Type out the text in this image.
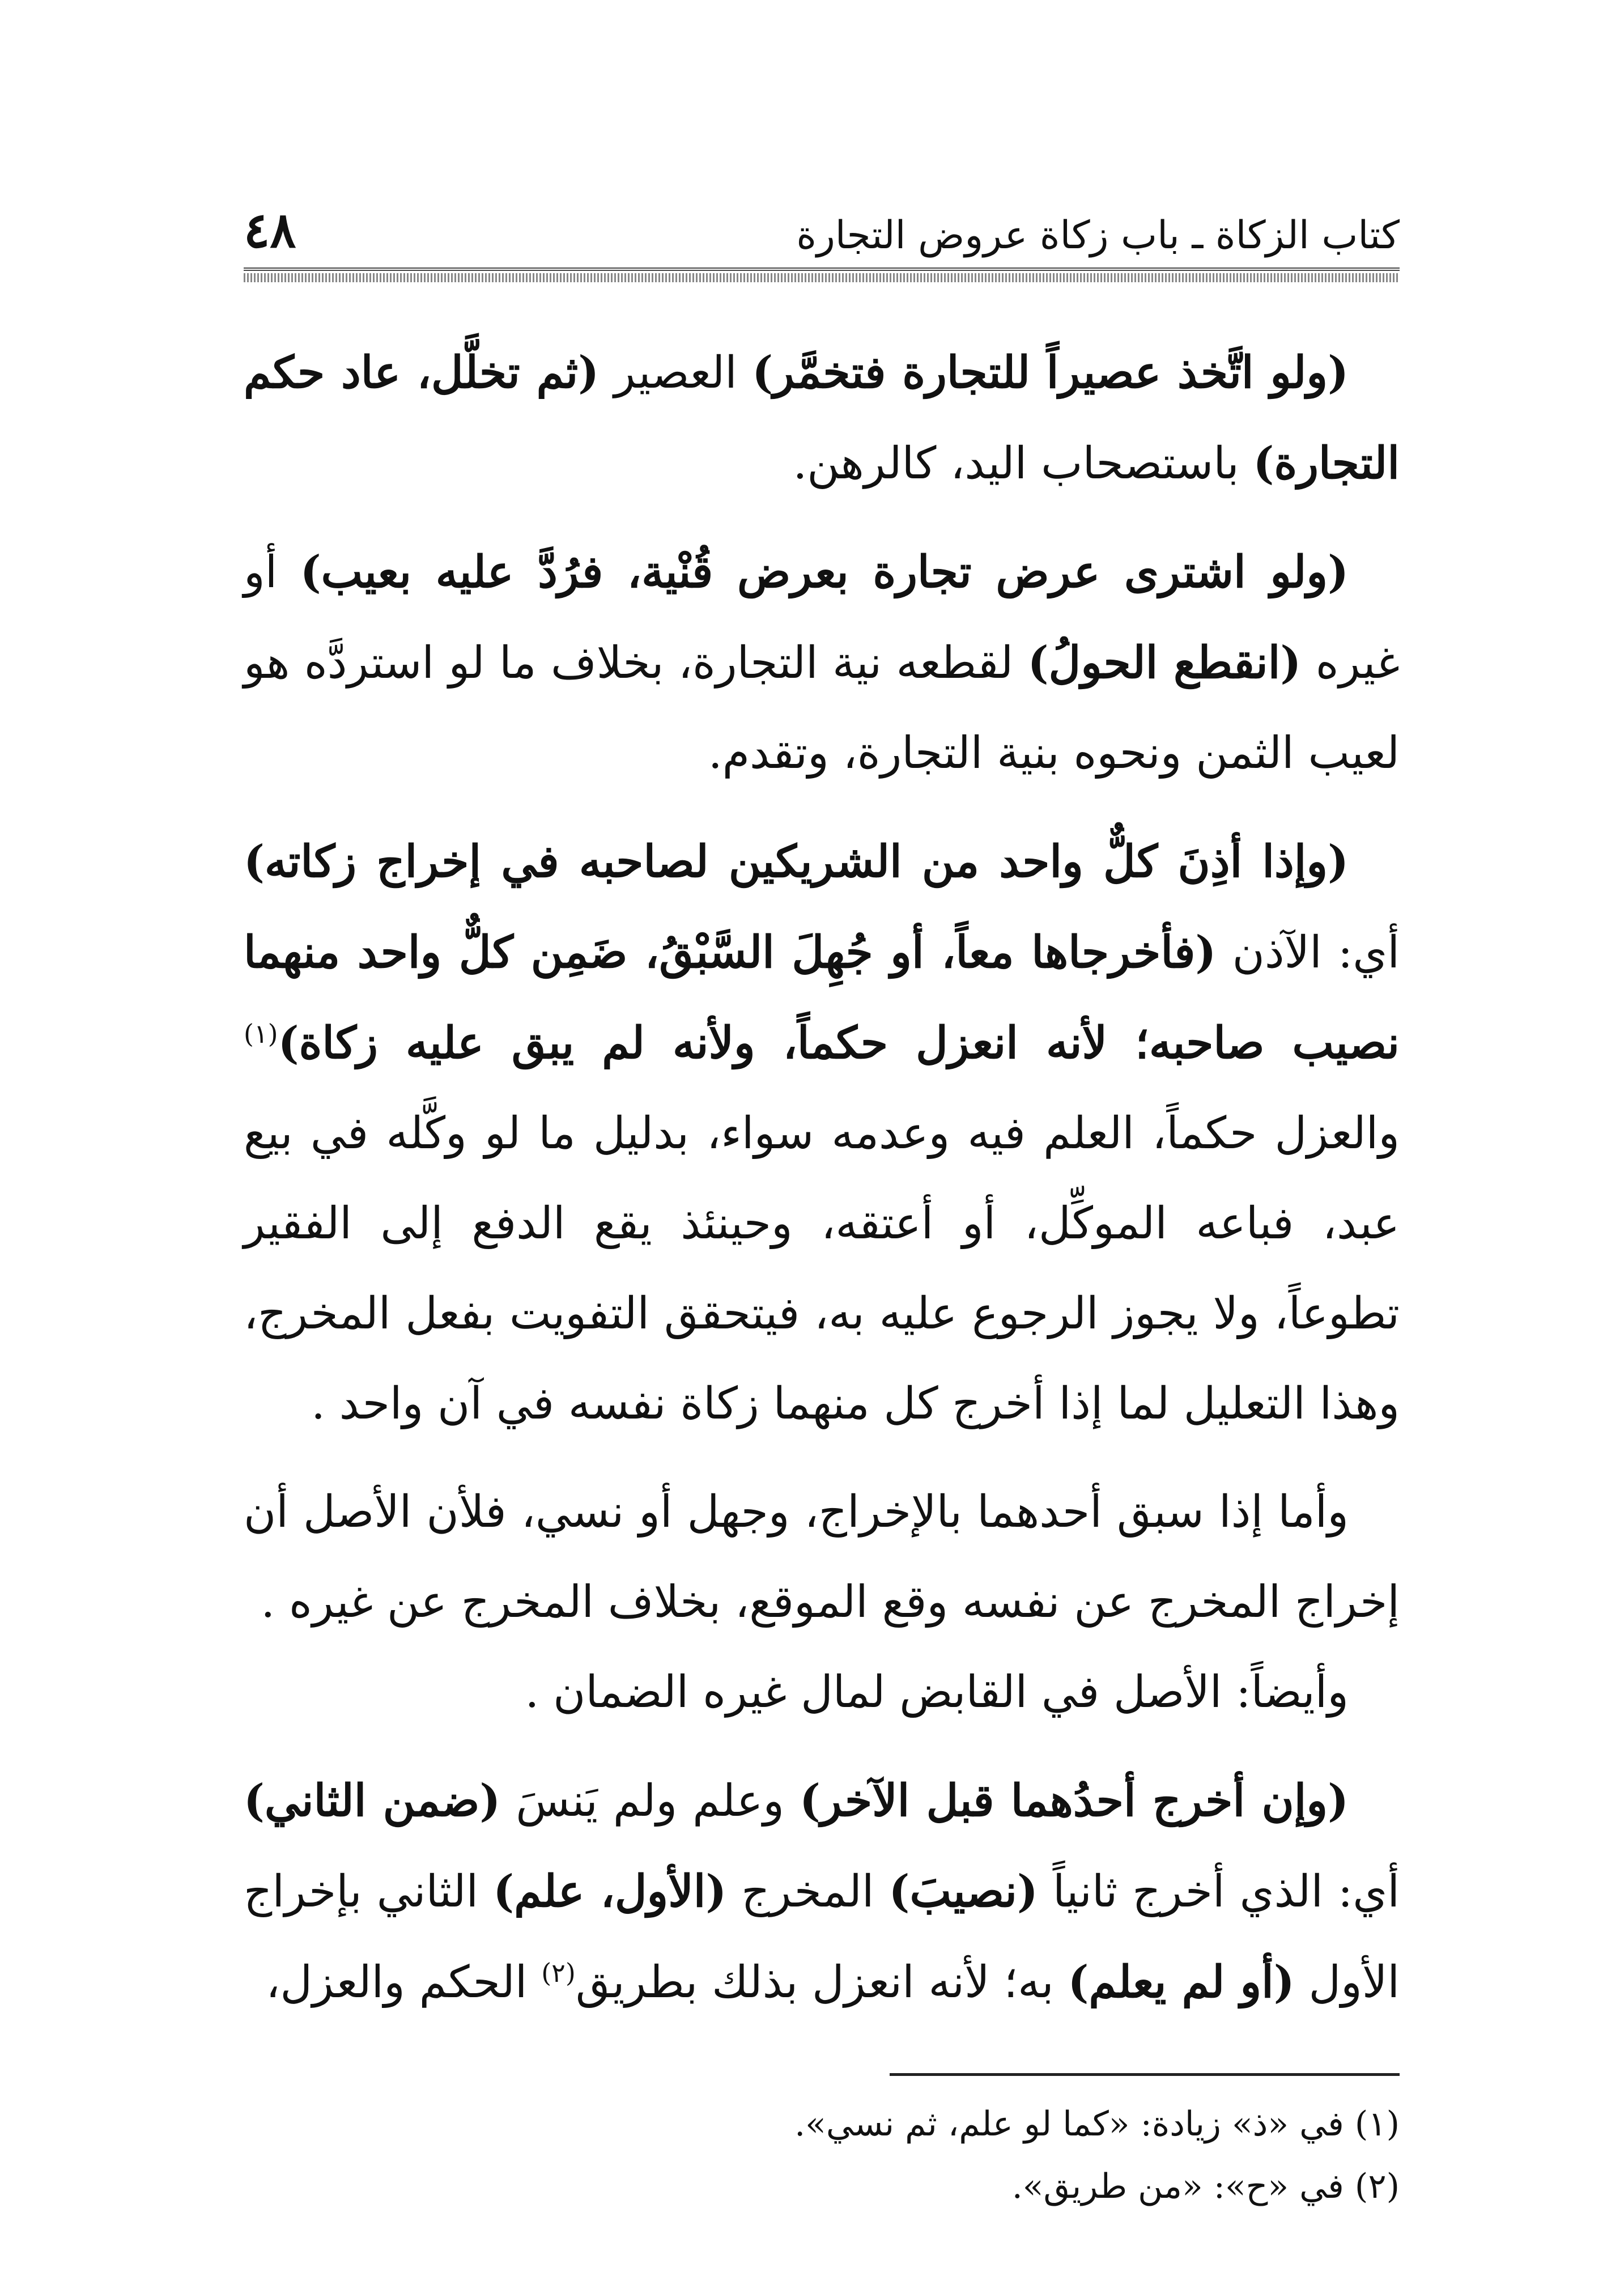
كتاب الزكاة ـ باب زكاة عروض التجارة
٤٨

(ولو اتَّخذ عصيراً للتجارة فتخمَّر) العصير (ثم تخلَّل، عاد حكم التجارة) باستصحاب اليد، كالرهن.

(ولو اشترى عرض تجارة بعرض قُنْية، فرُدَّ عليه بعيب) أو غيره (انقطع الحولُ) لقطعه نية التجارة، بخلاف ما لو استردَّه هو لعيب الثمن ونحوه بنية التجارة، وتقدم.

(وإذا أذِنَ كلٌّ واحد من الشريكين لصاحبه في إخراج زكاته) أي: الآذن (فأخرجاها معاً، أو جُهِلَ السَّبْقُ، ضَمِن كلٌّ واحد منهما نصيب صاحبه؛ لأنه انعزل حكماً، ولأنه لم يبق عليه زكاة)$^{(١)}$ والعزل حكماً، العلم فيه وعدمه سواء، بدليل ما لو وكَّله في بيع عبد، فباعه الموكِّل، أو أعتقه، وحينئذ يقع الدفع إلى الفقير تطوعاً، ولا يجوز الرجوع عليه به، فيتحقق التفويت بفعل المخرج، وهذا التعليل لما إذا أخرج كل منهما زكاة نفسه في آن واحد .

وأما إذا سبق أحدهما بالإخراج، وجهل أو نسي، فلأن الأصل أن إخراج المخرج عن نفسه وقع الموقع، بخلاف المخرج عن غيره .

وأيضاً: الأصل في القابض لمال غيره الضمان .

(وإن أخرج أحدُهما قبل الآخر) وعلم ولم يَنسَ (ضمن الثاني) أي: الذي أخرج ثانياً (نصيبَ) المخرج (الأول، علم) الثاني بإخراج الأول (أو لم يعلم) به؛ لأنه انعزل بذلك بطريق$^{(٢)}$ الحكم والعزل،

(١) في «ذ» زيادة: «كما لو علم، ثم نسي».
(٢) في «ح»: «من طريق».
